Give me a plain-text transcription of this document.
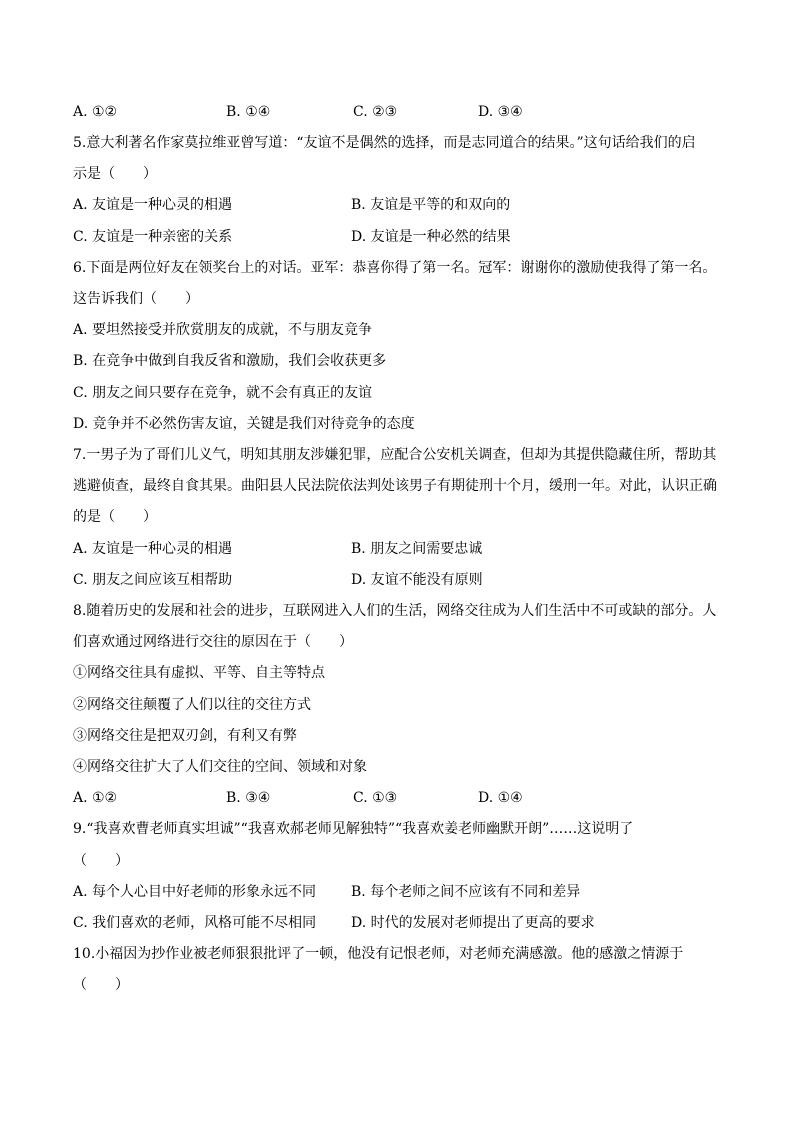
A. ①②	B. ①④	C. ②③	D. ③④
5.意大利著名作家莫拉维亚曾写道：“友谊不是偶然的选择，而是志同道合的结果。”这句话给我们的启
示是（　　）
A. 友谊是一种心灵的相遇	B. 友谊是平等的和双向的
C. 友谊是一种亲密的关系	D. 友谊是一种必然的结果
6.下面是两位好友在领奖台上的对话。亚军：恭喜你得了第一名。冠军：谢谢你的激励使我得了第一名。
这告诉我们（　　）
A. 要坦然接受并欣赏朋友的成就，不与朋友竞争
B. 在竞争中做到自我反省和激励，我们会收获更多
C. 朋友之间只要存在竞争，就不会有真正的友谊
D. 竞争并不必然伤害友谊，关键是我们对待竞争的态度
7.一男子为了哥们儿义气，明知其朋友涉嫌犯罪，应配合公安机关调查，但却为其提供隐藏住所，帮助其
逃避侦查，最终自食其果。曲阳县人民法院依法判处该男子有期徒刑十个月，缓刑一年。对此，认识正确
的是（　　）
A. 友谊是一种心灵的相遇	B. 朋友之间需要忠诚
C. 朋友之间应该互相帮助	D. 友谊不能没有原则
8.随着历史的发展和社会的进步，互联网进入人们的生活，网络交往成为人们生活中不可或缺的部分。人
们喜欢通过网络进行交往的原因在于（　　）
①网络交往具有虚拟、平等、自主等特点
②网络交往颠覆了人们以往的交往方式
③网络交往是把双刃剑，有利又有弊
④网络交往扩大了人们交往的空间、领域和对象
A. ①②	B. ③④	C. ①③	D. ①④
9.“我喜欢曹老师真实坦诚”“我喜欢郝老师见解独特”“我喜欢姜老师幽默开朗”……这说明了
（　　）
A. 每个人心目中好老师的形象永远不同 B. 每个老师之间不应该有不同和差异
C. 我们喜欢的老师，风格可能不尽相同 D. 时代的发展对老师提出了更高的要求
10.小福因为抄作业被老师狠狠批评了一顿，他没有记恨老师，对老师充满感激。他的感激之情源于
（　　）
